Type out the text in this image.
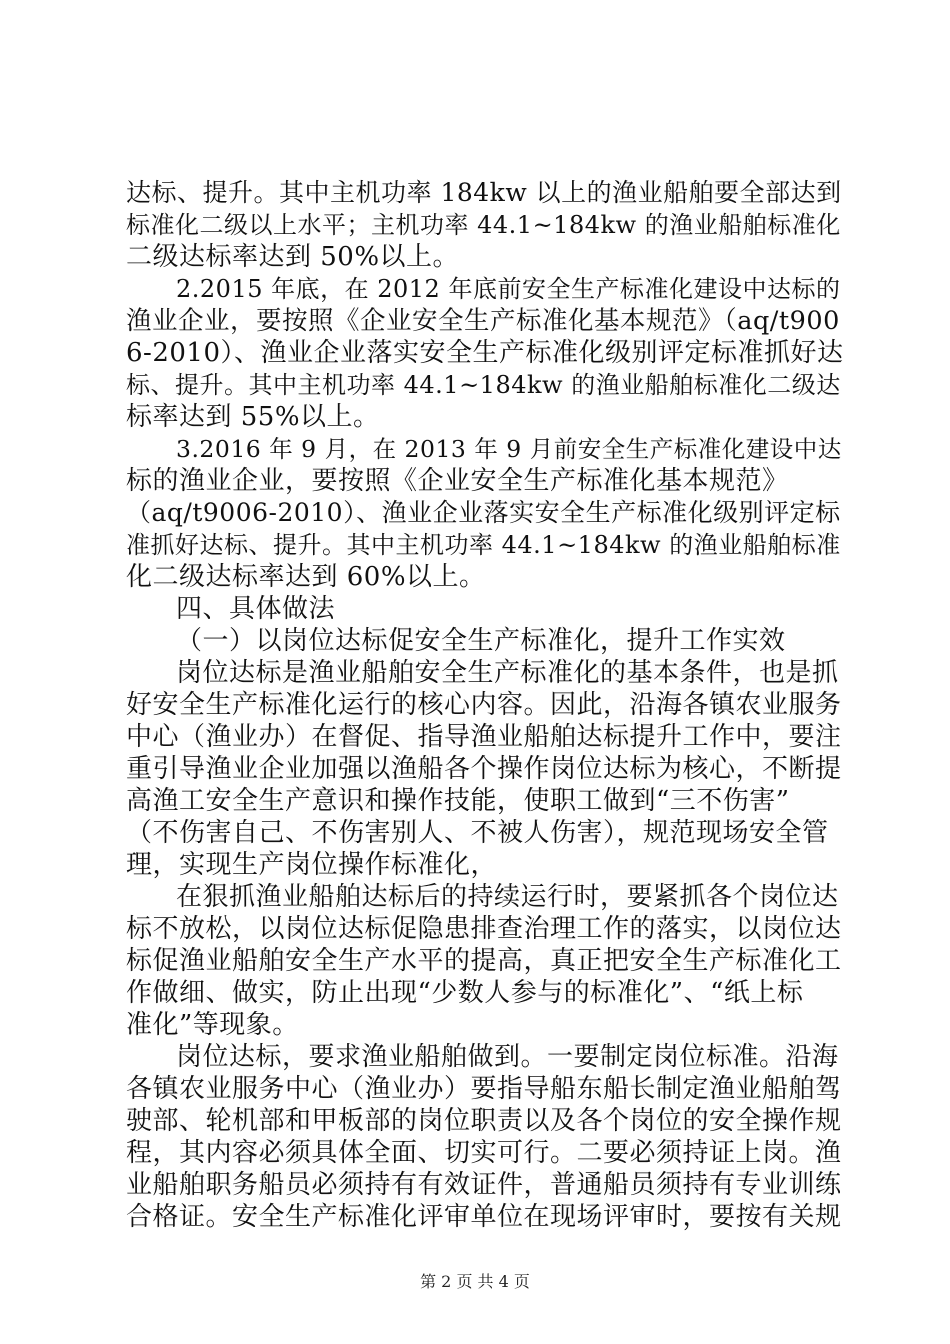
达标、提升。其中主机功率 184kw 以上的渔业船舶要全部达到
标准化二级以上水平；主机功率 44.1~184kw 的渔业船舶标准化
二级达标率达到 50%以上。
2.2015 年底，在 2012 年底前安全生产标准化建设中达标的
渔业企业，要按照《企业安全生产标准化基本规范》（aq/t900
6-2010）、渔业企业落实安全生产标准化级别评定标准抓好达
标、提升。其中主机功率 44.1~184kw 的渔业船舶标准化二级达
标率达到 55%以上。
3.2016 年 9 月，在 2013 年 9 月前安全生产标准化建设中达
标的渔业企业，要按照《企业安全生产标准化基本规范》
（aq/t9006-2010）、渔业企业落实安全生产标准化级别评定标
准抓好达标、提升。其中主机功率 44.1~184kw 的渔业船舶标准
化二级达标率达到 60%以上。
四、具体做法
（一）以岗位达标促安全生产标准化，提升工作实效
岗位达标是渔业船舶安全生产标准化的基本条件，也是抓
好安全生产标准化运行的核心内容。因此，沿海各镇农业服务
中心（渔业办）在督促、指导渔业船舶达标提升工作中，要注
重引导渔业企业加强以渔船各个操作岗位达标为核心，不断提
高渔工安全生产意识和操作技能，使职工做到“三不伤害”
（不伤害自己、不伤害别人、不被人伤害），规范现场安全管
理，实现生产岗位操作标准化，
在狠抓渔业船舶达标后的持续运行时，要紧抓各个岗位达
标不放松，以岗位达标促隐患排查治理工作的落实，以岗位达
标促渔业船舶安全生产水平的提高，真正把安全生产标准化工
作做细、做实，防止出现“少数人参与的标准化”、“纸上标
准化”等现象。
岗位达标，要求渔业船舶做到。一要制定岗位标准。沿海
各镇农业服务中心（渔业办）要指导船东船长制定渔业船舶驾
驶部、轮机部和甲板部的岗位职责以及各个岗位的安全操作规
程，其内容必须具体全面、切实可行。二要必须持证上岗。渔
业船舶职务船员必须持有有效证件，普通船员须持有专业训练
合格证。安全生产标准化评审单位在现场评审时，要按有关规
第 2 页 共 4 页
